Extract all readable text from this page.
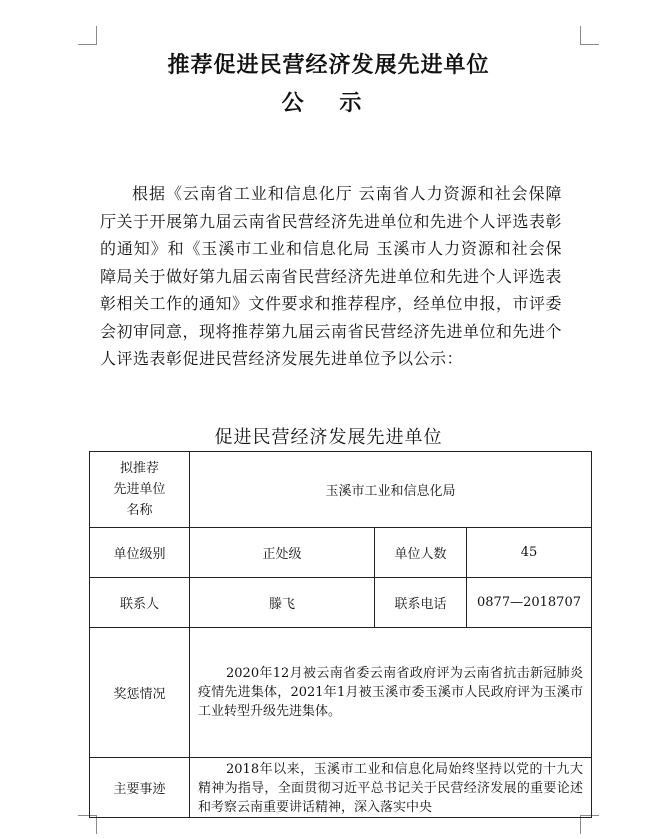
推荐促进民营经济发展先进单位
公 示
根据《云南省工业和信息化厅 云南省人力资源和社会保障厅关于开展第九届云南省民营经济先进单位和先进个人评选表彰的通知》和《玉溪市工业和信息化局 玉溪市人力资源和社会保障局关于做好第九届云南省民营经济先进单位和先进个人评选表彰相关工作的通知》文件要求和推荐程序，经单位申报，市评委会初审同意，现将推荐第九届云南省民营经济先进单位和先进个人评选表彰促进民营经济发展先进单位予以公示：
促进民营经济发展先进单位
拟推荐
先进单位
名称	玉溪市工业和信息化局		
单位级别	正处级	单位人数	45
联系人	滕飞	联系电话	0877—2018707
奖惩情况	2020年12月被云南省委云南省政府评为云南省抗击新冠肺炎疫情先进集体，2021年1月被玉溪市委玉溪市人民政府评为玉溪市工业转型升级先进集体。		
主要事迹	2018年以来，玉溪市工业和信息化局始终坚持以党的十九大精神为指导，全面贯彻习近平总书记关于民营经济发展的重要论述和考察云南重要讲话精神，深入落实中央		
